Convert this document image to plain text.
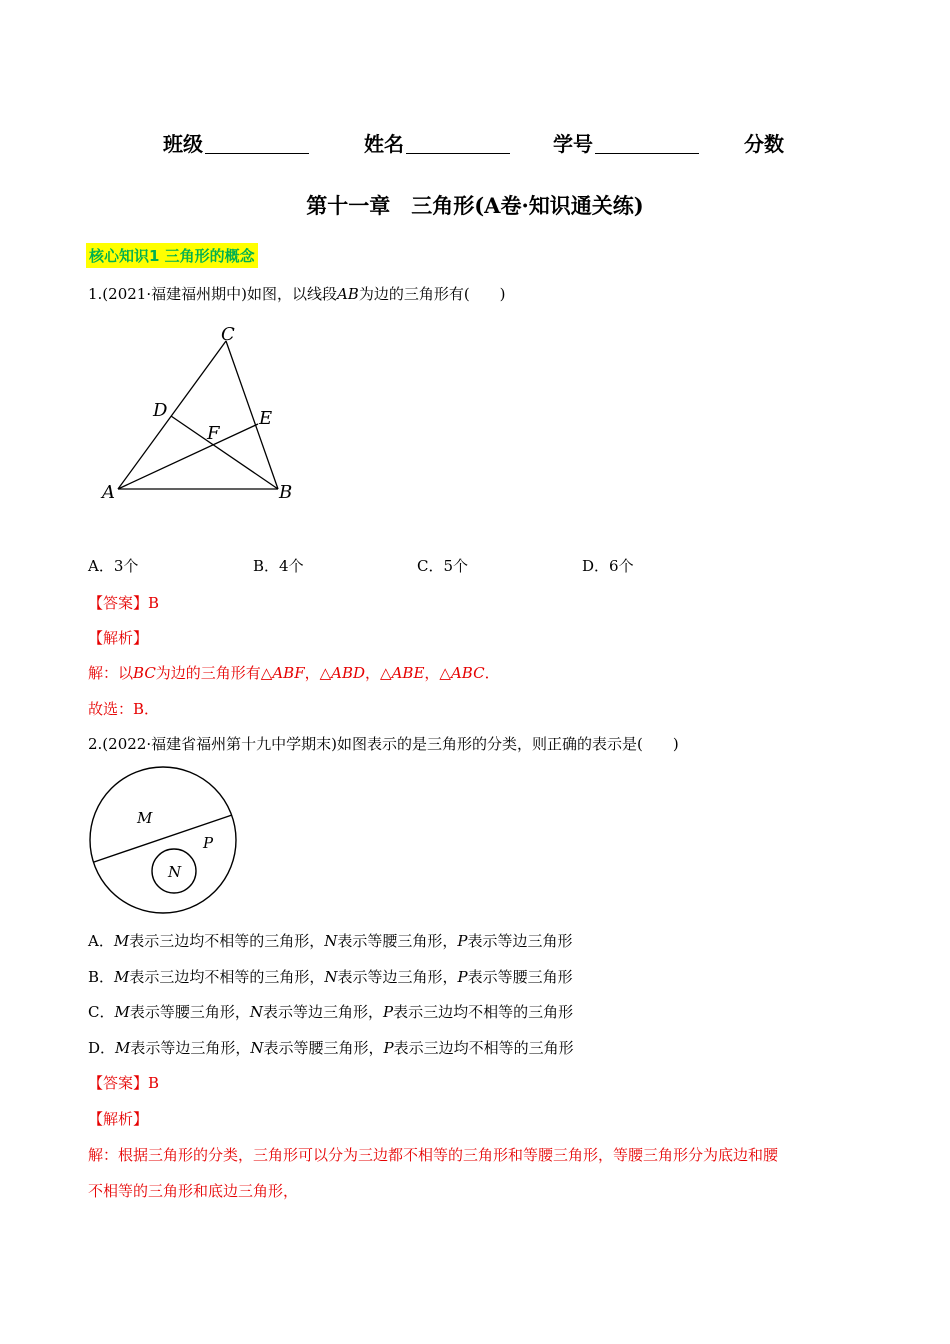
班级	姓名	学号	分数
第十一章　三角形(A卷·知识通关练)
核心知识1 三角形的概念
1.(2021·福建福州期中)如图，以线段AB为边的三角形有(　　)
C
D	E
F
A	B
A．3个	B．4个	C．5个	D．6个
【答案】B
【解析】
解：以BC为边的三角形有△ABF，△ABD，△ABE，△ABC．
故选：B．
2.(2022·福建省福州第十九中学期末)如图表示的是三角形的分类，则正确的表示是(　　)
M
P
N
A．M表示三边均不相等的三角形，N表示等腰三角形，P表示等边三角形
B．M表示三边均不相等的三角形，N表示等边三角形，P表示等腰三角形
C．M表示等腰三角形，N表示等边三角形，P表示三边均不相等的三角形
D．M表示等边三角形，N表示等腰三角形，P表示三边均不相等的三角形
【答案】B
【解析】
解：根据三角形的分类，三角形可以分为三边都不相等的三角形和等腰三角形，等腰三角形分为底边和腰
不相等的三角形和底边三角形，
